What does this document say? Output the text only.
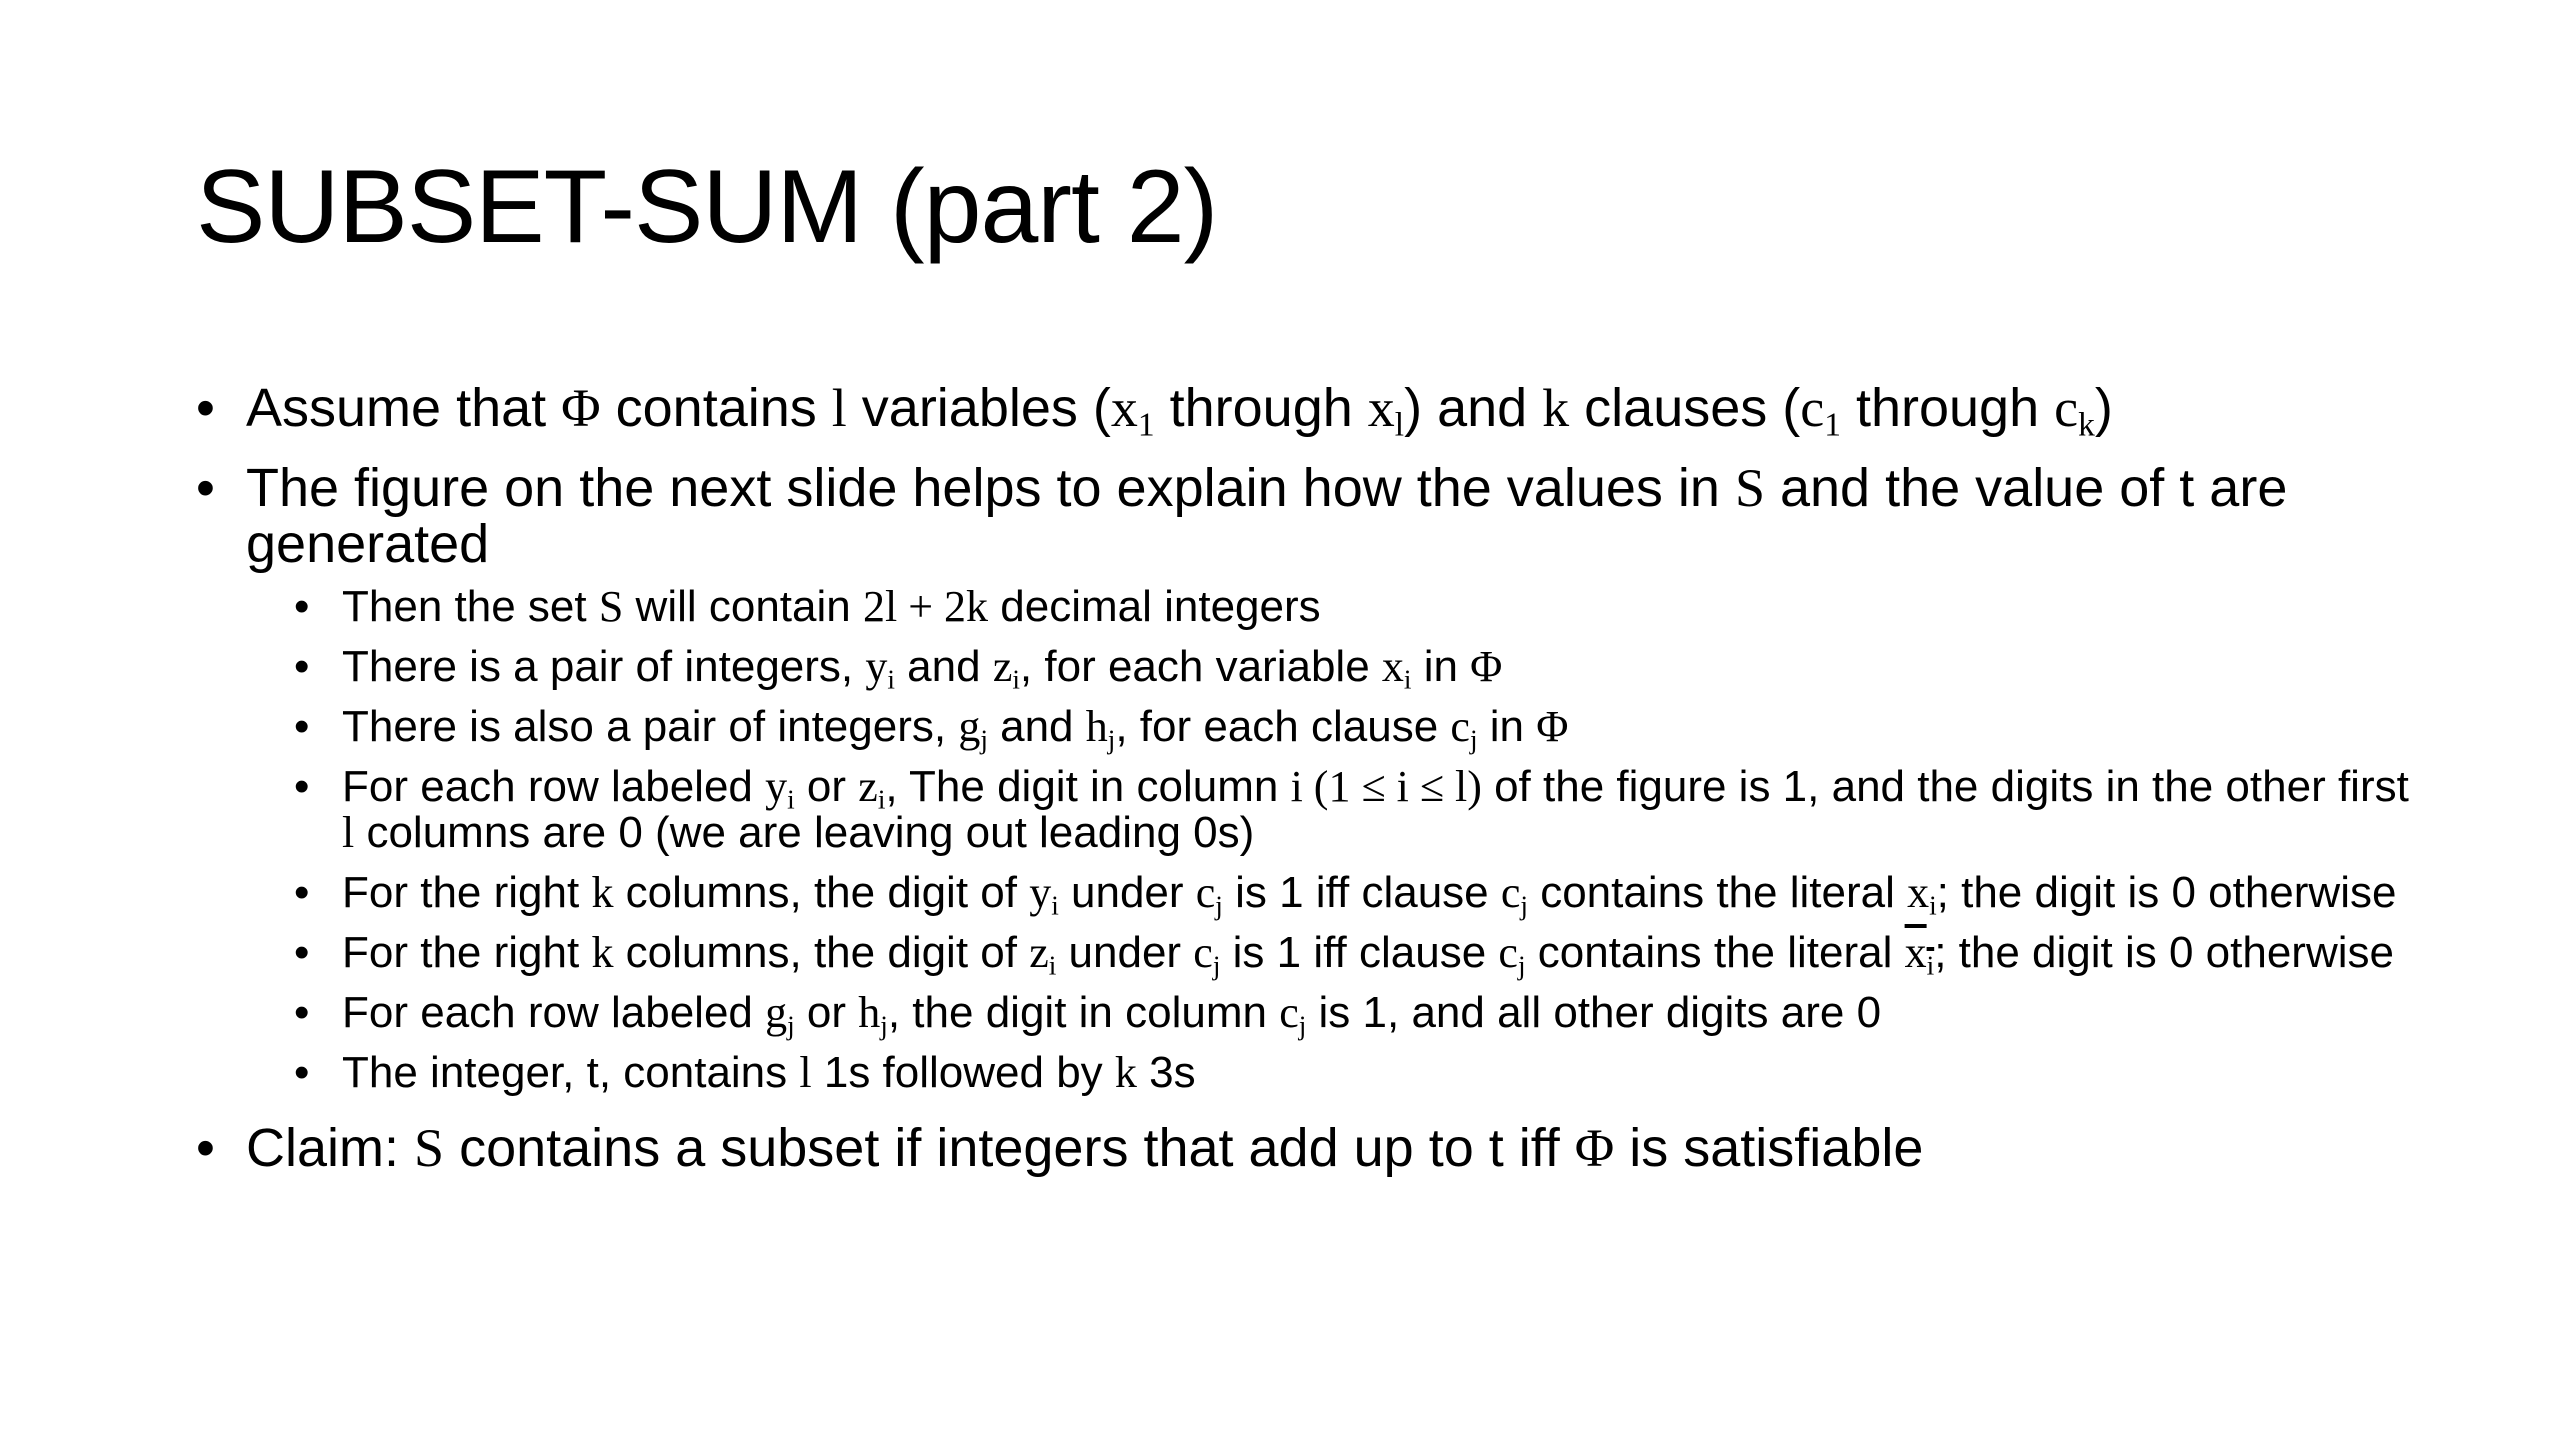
SUBSET-SUM (part 2)
• Assume that Φ contains l variables ($x_1$ through $x_l$) and k clauses ($c_1$ through $c_k$)
• The figure on the next slide helps to explain how the values in S and the value of t are generated
• Then the set S will contain 2l + 2k decimal integers
• There is a pair of integers, $y_i$ and $z_i$, for each variable $x_i$ in Φ
• There is also a pair of integers, $g_j$ and $h_j$, for each clause $c_j$ in Φ
• For each row labeled $y_i$ or $z_i$, The digit in column i (1 ≤ i ≤ l) of the figure is 1, and the digits in the other first l columns are 0 (we are leaving out leading 0s)
• For the right k columns, the digit of $y_i$ under $c_j$ is 1 iff clause $c_j$ contains the literal $x_i$; the digit is 0 otherwise
• For the right k columns, the digit of $z_i$ under $c_j$ is 1 iff clause $c_j$ contains the literal $x_i$; the digit is 0 otherwise
• For each row labeled $g_j$ or $h_j$, the digit in column $c_j$ is 1, and all other digits are 0
• The integer, t, contains l 1s followed by k 3s
• Claim: S contains a subset if integers that add up to t iff Φ is satisfiable
